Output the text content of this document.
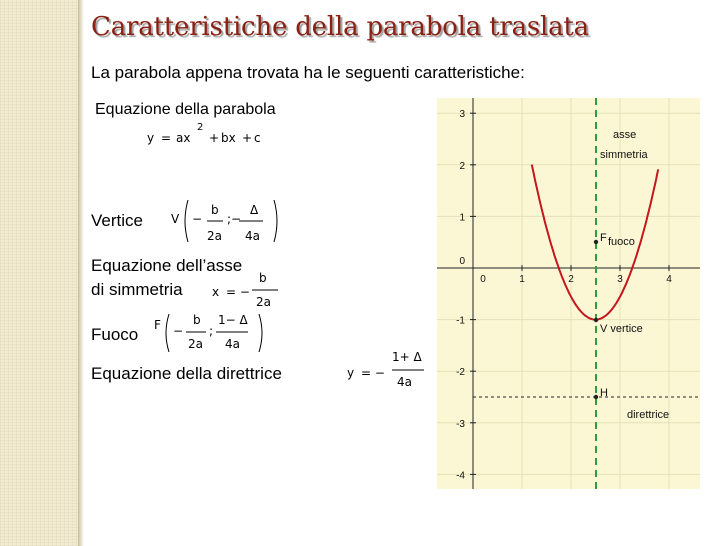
Caratteristiche della parabola traslata
La parabola appena trovata ha le seguenti caratteristiche:
Equazione della parabola
y = ax
2
+ bx + c
Vertice V −
b
2a
;−
Δ
4a
Equazione dell’asse
di simmetria x = −
b
2a
Fuoco F −
b
2a
;
1− Δ
4a
Equazione della direttrice	y = −
1+ Δ
4a
0	1	2	3	4
3
2
1
0
-1
-2
-3
-4
asse
simmetria
F fuoco
V vertice
H
direttrice
